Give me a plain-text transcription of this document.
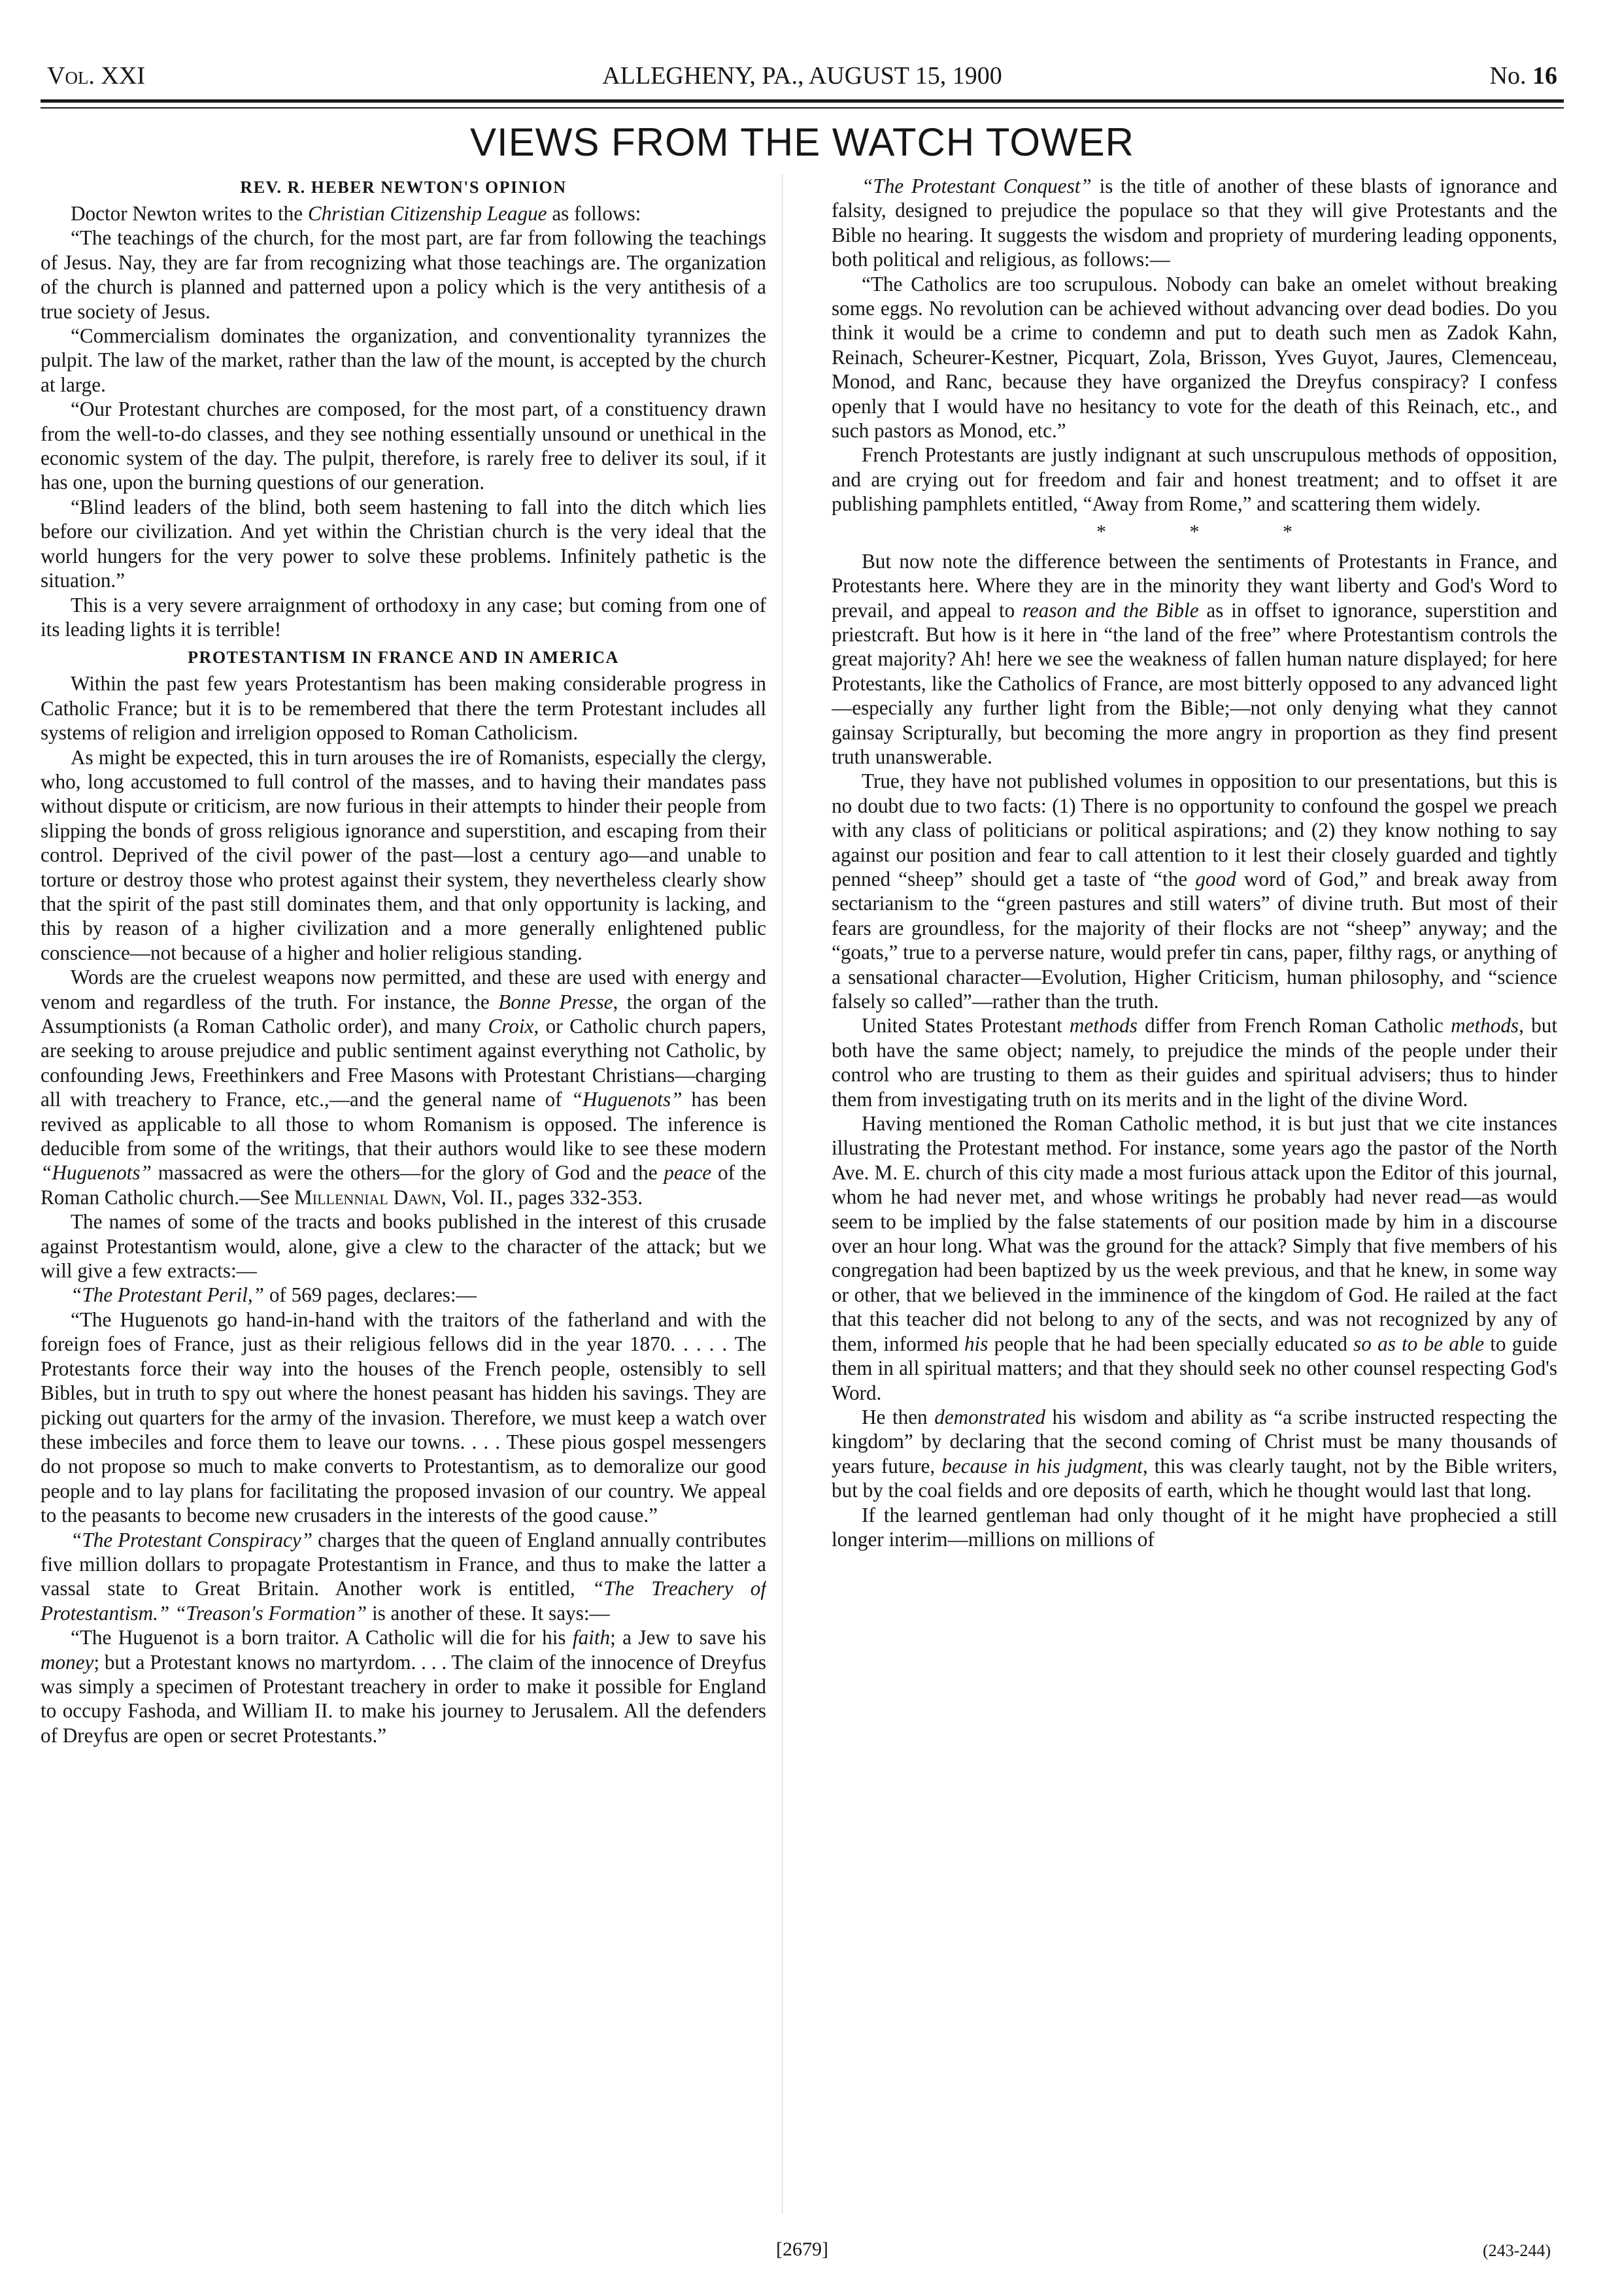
Vol. XXI	ALLEGHENY, PA., AUGUST 15, 1900	No. 16
VIEWS FROM THE WATCH TOWER
REV. R. HEBER NEWTON'S OPINION

Doctor Newton writes to the Christian Citizenship League as follows:

“The teachings of the church, for the most part, are far from following the teachings of Jesus. Nay, they are far from recognizing what those teachings are. The organization of the church is planned and patterned upon a policy which is the very antithesis of a true society of Jesus.

“Commercialism dominates the organization, and conventionality tyrannizes the pulpit. The law of the market, rather than the law of the mount, is accepted by the church at large.

“Our Protestant churches are composed, for the most part, of a constituency drawn from the well-to-do classes, and they see nothing essentially unsound or unethical in the economic system of the day. The pulpit, therefore, is rarely free to deliver its soul, if it has one, upon the burning questions of our generation.

“Blind leaders of the blind, both seem hastening to fall into the ditch which lies before our civilization. And yet within the Christian church is the very ideal that the world hungers for the very power to solve these problems. Infinitely pathetic is the situation.”

This is a very severe arraignment of orthodoxy in any case; but coming from one of its leading lights it is terrible!

PROTESTANTISM IN FRANCE AND IN AMERICA

Within the past few years Protestantism has been making considerable progress in Catholic France; but it is to be remembered that there the term Protestant includes all systems of religion and irreligion opposed to Roman Catholicism.

As might be expected, this in turn arouses the ire of Romanists, especially the clergy, who, long accustomed to full control of the masses, and to having their mandates pass without dispute or criticism, are now furious in their attempts to hinder their people from slipping the bonds of gross religious ignorance and superstition, and escaping from their control. Deprived of the civil power of the past—lost a century ago—and unable to torture or destroy those who protest against their system, they nevertheless clearly show that the spirit of the past still dominates them, and that only opportunity is lacking, and this by reason of a higher civilization and a more generally enlightened public conscience—not because of a higher and holier religious standing.

Words are the cruelest weapons now permitted, and these are used with energy and venom and regardless of the truth. For instance, the Bonne Presse, the organ of the Assumptionists (a Roman Catholic order), and many Croix, or Catholic church papers, are seeking to arouse prejudice and public sentiment against everything not Catholic, by confounding Jews, Freethinkers and Free Masons with Protestant Christians—charging all with treachery to France, etc.,—and the general name of “Huguenots” has been revived as applicable to all those to whom Romanism is opposed. The inference is deducible from some of the writings, that their authors would like to see these modern “Huguenots” massacred as were the others—for the glory of God and the peace of the Roman Catholic church.—See Millennial Dawn, Vol. II., pages 332-353.

The names of some of the tracts and books published in the interest of this crusade against Protestantism would, alone, give a clew to the character of the attack; but we will give a few extracts:—

“The Protestant Peril,” of 569 pages, declares:—

“The Huguenots go hand-in-hand with the traitors of the fatherland and with the foreign foes of France, just as their religious fellows did in the year 1870. . . . . The Protestants force their way into the houses of the French people, ostensibly to sell Bibles, but in truth to spy out where the honest peasant has hidden his savings. They are picking out quarters for the army of the invasion. Therefore, we must keep a watch over these imbeciles and force them to leave our towns. . . . These pious gospel messengers do not propose so much to make converts to Protestantism, as to demoralize our good people and to lay plans for facilitating the proposed invasion of our country. We appeal to the peasants to become new crusaders in the interests of the good cause.”

“The Protestant Conspiracy” charges that the queen of England annually contributes five million dollars to propagate Protestantism in France, and thus to make the latter a vassal state to Great Britain. Another work is entitled, “The Treachery of Protestantism.” “Treason's Formation” is another of these. It says:—

“The Huguenot is a born traitor. A Catholic will die for his faith; a Jew to save his money; but a Protestant knows no martyrdom. . . . The claim of the innocence of Dreyfus was simply a specimen of Protestant treachery in order to make it possible for England to occupy Fashoda, and William II. to make his journey to Jerusalem. All the defenders of Dreyfus are open or secret Protestants.”

“The Protestant Conquest” is the title of another of these blasts of ignorance and falsity, designed to prejudice the populace so that they will give Protestants and the Bible no hearing. It suggests the wisdom and propriety of murdering leading opponents, both political and religious, as follows:—

“The Catholics are too scrupulous. Nobody can bake an omelet without breaking some eggs. No revolution can be achieved without advancing over dead bodies. Do you think it would be a crime to condemn and put to death such men as Zadok Kahn, Reinach, Scheurer-Kestner, Picquart, Zola, Brisson, Yves Guyot, Jaures, Clemenceau, Monod, and Ranc, because they have organized the Dreyfus conspiracy? I confess openly that I would have no hesitancy to vote for the death of this Reinach, etc., and such pastors as Monod, etc.”

French Protestants are justly indignant at such unscrupulous methods of opposition, and are crying out for freedom and fair and honest treatment; and to offset it are publishing pamphlets entitled, “Away from Rome,” and scattering them widely.

* * *

But now note the difference between the sentiments of Protestants in France, and Protestants here. Where they are in the minority they want liberty and God's Word to prevail, and appeal to reason and the Bible as in offset to ignorance, superstition and priestcraft. But how is it here in “the land of the free” where Protestantism controls the great majority? Ah! here we see the weakness of fallen human nature displayed; for here Protestants, like the Catholics of France, are most bitterly opposed to any advanced light—especially any further light from the Bible;—not only denying what they cannot gainsay Scripturally, but becoming the more angry in proportion as they find present truth unanswerable.

True, they have not published volumes in opposition to our presentations, but this is no doubt due to two facts: (1) There is no opportunity to confound the gospel we preach with any class of politicians or political aspirations; and (2) they know nothing to say against our position and fear to call attention to it lest their closely guarded and tightly penned “sheep” should get a taste of “the good word of God,” and break away from sectarianism to the “green pastures and still waters” of divine truth. But most of their fears are groundless, for the majority of their flocks are not “sheep” anyway; and the “goats,” true to a perverse nature, would prefer tin cans, paper, filthy rags, or anything of a sensational character—Evolution, Higher Criticism, human philosophy, and “science falsely so called”—rather than the truth.

United States Protestant methods differ from French Roman Catholic methods, but both have the same object; namely, to prejudice the minds of the people under their control who are trusting to them as their guides and spiritual advisers; thus to hinder them from investigating truth on its merits and in the light of the divine Word.

Having mentioned the Roman Catholic method, it is but just that we cite instances illustrating the Protestant method. For instance, some years ago the pastor of the North Ave. M. E. church of this city made a most furious attack upon the Editor of this journal, whom he had never met, and whose writings he probably had never read—as would seem to be implied by the false statements of our position made by him in a discourse over an hour long. What was the ground for the attack? Simply that five members of his congregation had been baptized by us the week previous, and that he knew, in some way or other, that we believed in the imminence of the kingdom of God. He railed at the fact that this teacher did not belong to any of the sects, and was not recognized by any of them, informed his people that he had been specially educated so as to be able to guide them in all spiritual matters; and that they should seek no other counsel respecting God's Word.

He then demonstrated his wisdom and ability as “a scribe instructed respecting the kingdom” by declaring that the second coming of Christ must be many thousands of years future, because in his judgment, this was clearly taught, not by the Bible writers, but by the coal fields and ore deposits of earth, which he thought would last that long.

If the learned gentleman had only thought of it he might have prophecied a still longer interim—millions on millions of

[2679]	(243-244)
